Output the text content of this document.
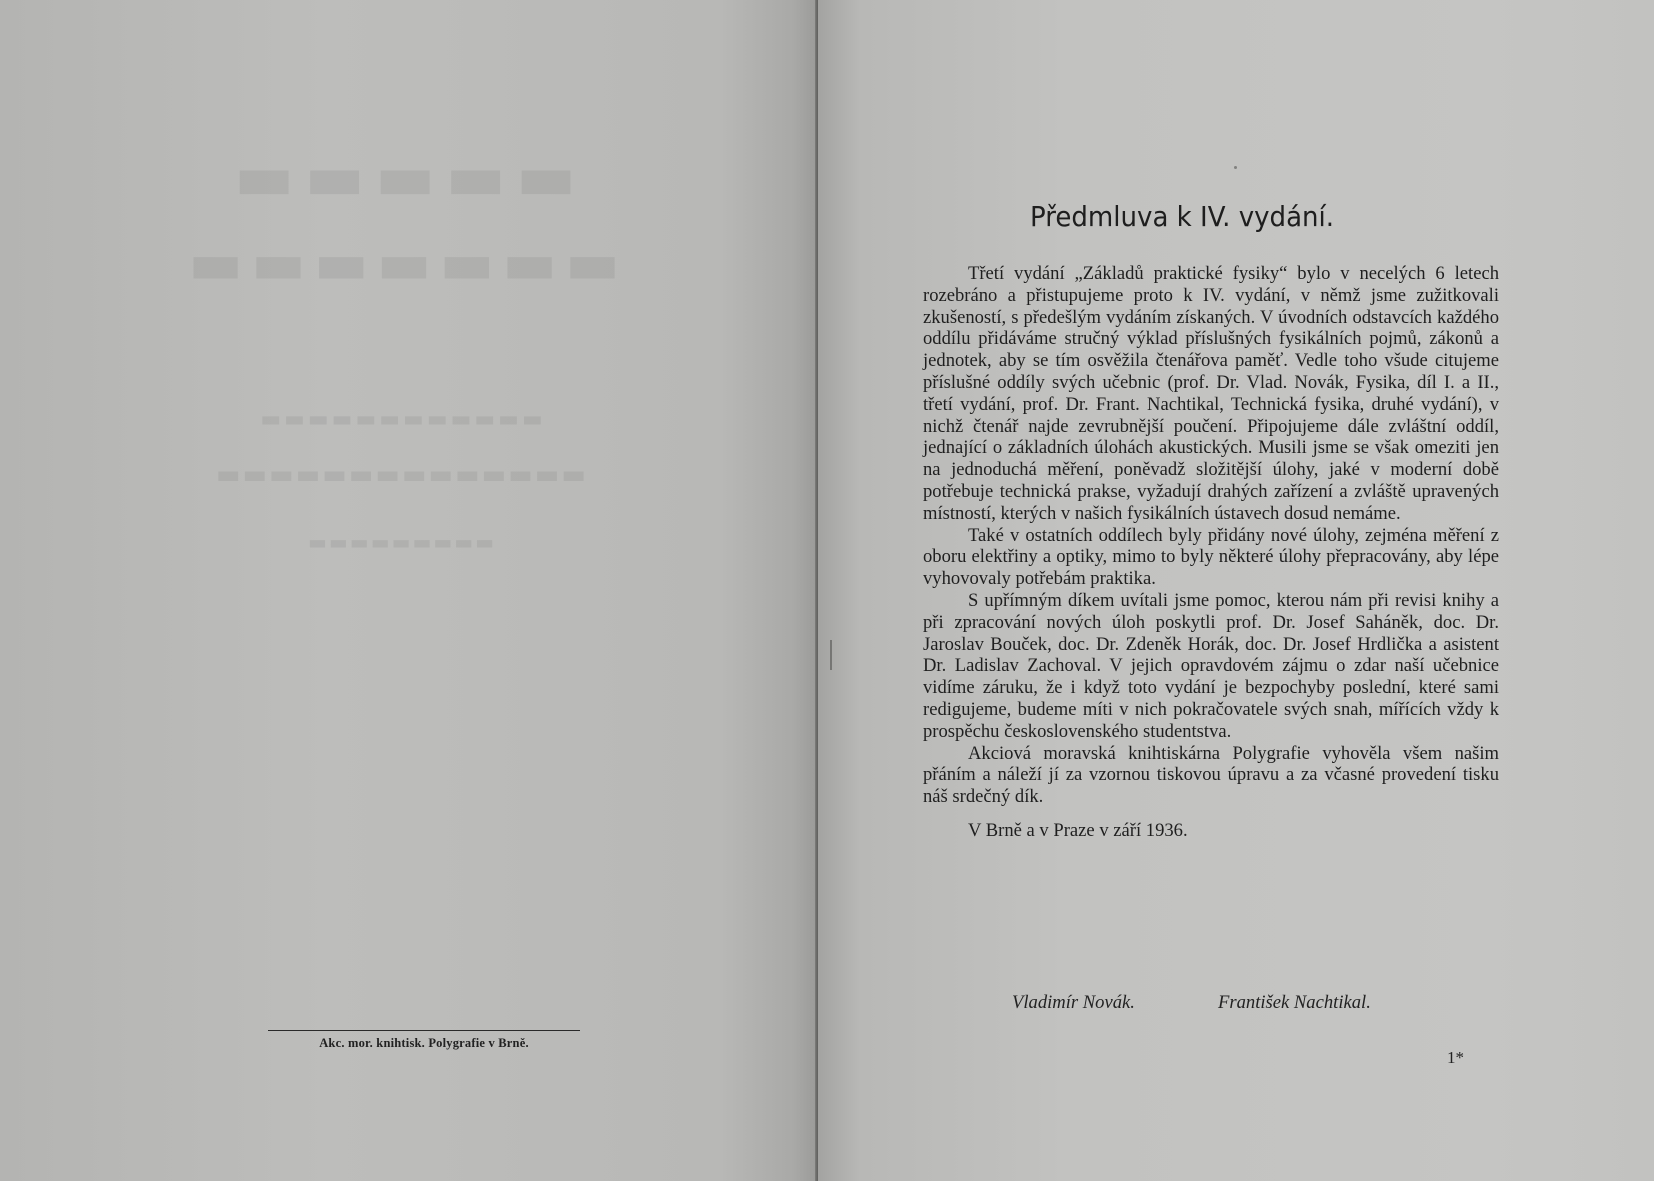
▬▬▬▬▬
▬▬▬▬▬▬▬
▬▬▬▬▬▬▬▬▬▬▬▬
▬▬▬▬▬▬▬▬▬▬▬▬▬▬
▬▬▬▬▬▬▬▬▬
Akc. mor. knihtisk. Polygrafie v Brně.
Předmluva k IV. vydání.

Třetí vydání „Základů praktické fysiky“ bylo v necelých 6 letech rozebráno a přistupujeme proto k IV. vydání, v němž jsme zužitkovali zkušeností, s předešlým vydáním získaných. V úvodních odstavcích každého oddílu přidáváme stručný výklad příslušných fysikálních pojmů, zákonů a jednotek, aby se tím osvěžila čtenářova paměť. Vedle toho všude citujeme příslušné oddíly svých učebnic (prof. Dr. Vlad. Novák, Fysika, díl I. a II., třetí vydání, prof. Dr. Frant. Nachtikal, Technická fysika, druhé vydání), v nichž čtenář najde zevrubnější poučení. Připojujeme dále zvláštní oddíl, jednající o základních úlohách akustických. Musili jsme se však omeziti jen na jednoduchá měření, poněvadž složitější úlohy, jaké v moderní době potřebuje technická prakse, vyžadují drahých zařízení a zvláště upravených místností, kterých v našich fysikálních ústavech dosud nemáme.

Také v ostatních oddílech byly přidány nové úlohy, zejména měření z oboru elektřiny a optiky, mimo to byly některé úlohy přepracovány, aby lépe vyhovovaly potřebám praktika.

S upřímným díkem uvítali jsme pomoc, kterou nám při revisi knihy a při zpracování nových úloh poskytli prof. Dr. Josef Saháněk, doc. Dr. Jaroslav Bouček, doc. Dr. Zdeněk Horák, doc. Dr. Josef Hrdlička a asistent Dr. Ladislav Zachoval. V jejich opravdovém zájmu o zdar naší učebnice vidíme záruku, že i když toto vydání je bezpochyby poslední, které sami redigujeme, budeme míti v nich pokračovatele svých snah, mířících vždy k prospěchu československého studentstva.

Akciová moravská knihtiskárna Polygrafie vyhověla všem našim přáním a náleží jí za vzornou tiskovou úpravu a za včasné provedení tisku náš srdečný dík.

V Brně a v Praze v září 1936.

Vladimír Novák.	František Nachtikal.
1*
